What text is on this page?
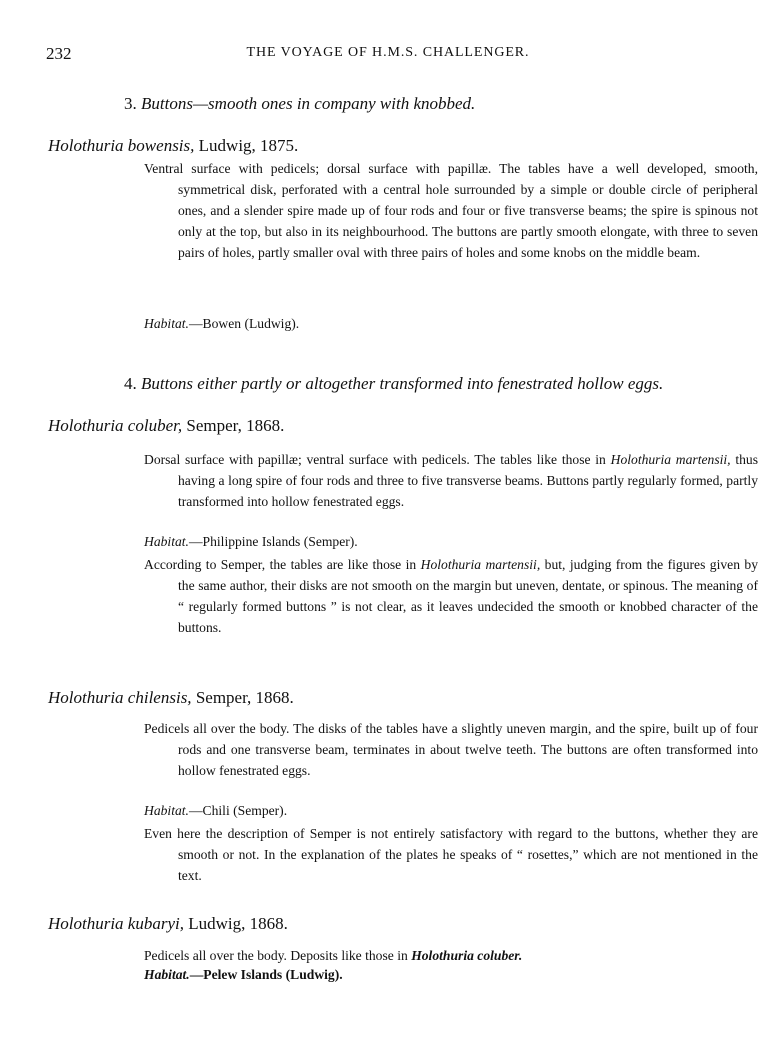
232	THE VOYAGE OF H.M.S. CHALLENGER.
3. Buttons—smooth ones in company with knobbed.
Holothuria bowensis, Ludwig, 1875.

Ventral surface with pedicels; dorsal surface with papillæ. The tables have a well developed, smooth, symmetrical disk, perforated with a central hole surrounded by a simple or double circle of peripheral ones, and a slender spire made up of four rods and four or five transverse beams; the spire is spinous not only at the top, but also in its neighbourhood. The buttons are partly smooth elongate, with three to seven pairs of holes, partly smaller oval with three pairs of holes and some knobs on the middle beam.

Habitat.—Bowen (Ludwig).
4. Buttons either partly or altogether transformed into fenestrated hollow eggs.
Holothuria coluber, Semper, 1868.

Dorsal surface with papillæ; ventral surface with pedicels. The tables like those in Holothuria martensii, thus having a long spire of four rods and three to five transverse beams. Buttons partly regularly formed, partly transformed into hollow fenestrated eggs.

Habitat.—Philippine Islands (Semper).

According to Semper, the tables are like those in Holothuria martensii, but, judging from the figures given by the same author, their disks are not smooth on the margin but uneven, dentate, or spinous. The meaning of “ regularly formed buttons ” is not clear, as it leaves undecided the smooth or knobbed character of the buttons.

Holothuria chilensis, Semper, 1868.

Pedicels all over the body. The disks of the tables have a slightly uneven margin, and the spire, built up of four rods and one transverse beam, terminates in about twelve teeth. The buttons are often transformed into hollow fenestrated eggs.

Habitat.—Chili (Semper).

Even here the description of Semper is not entirely satisfactory with regard to the buttons, whether they are smooth or not. In the explanation of the plates he speaks of “ rosettes,” which are not mentioned in the text.

Holothuria kubaryi, Ludwig, 1868.

Pedicels all over the body. Deposits like those in Holothuria coluber.

Habitat.—Pelew Islands (Ludwig).
